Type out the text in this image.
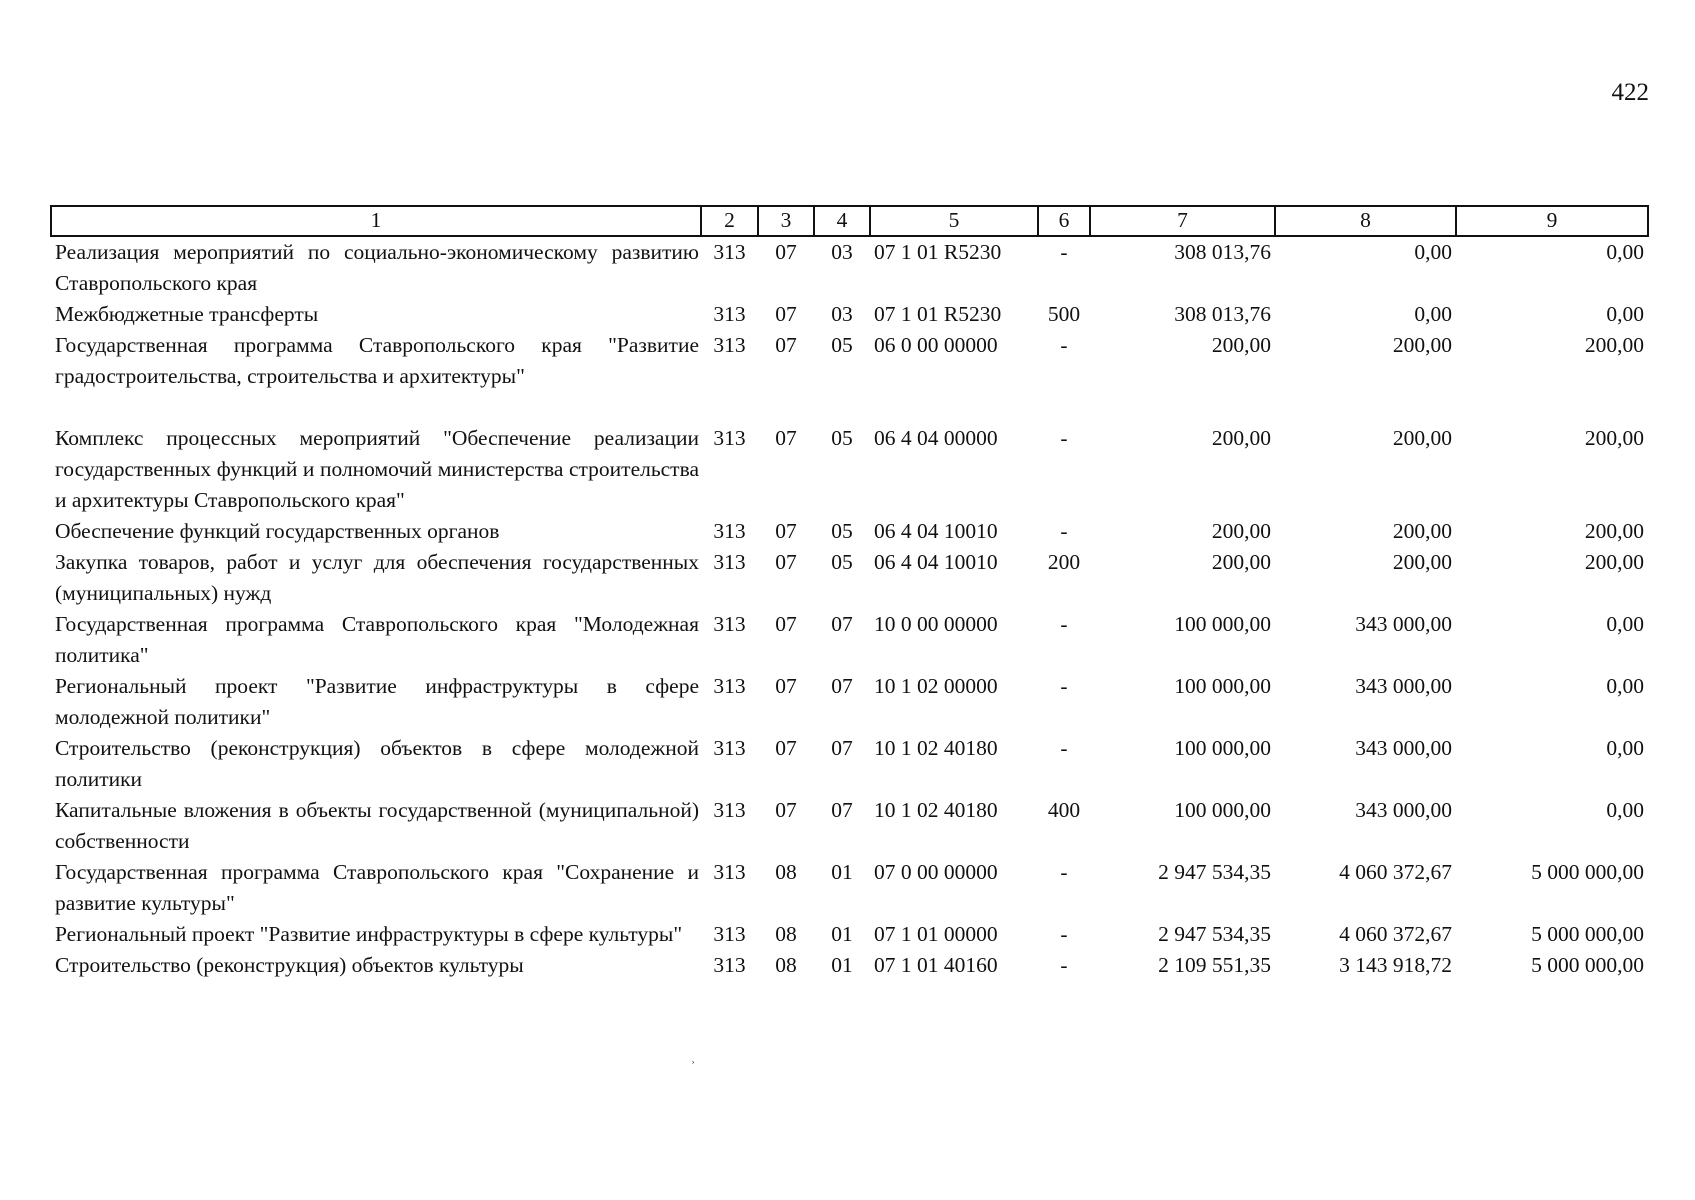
422
1	2	3	4	5	6	7	8	9
Реализация мероприятий по социально-экономическому развитию Ставропольского края	313	07	03	07 1 01 R5230	-	308 013,76	0,00	0,00
Межбюджетные трансферты	313	07	03	07 1 01 R5230	500	308 013,76	0,00	0,00
Государственная программа Ставропольского края "Развитие градостроительства, строительства и архитектуры"	313	07	05	06 0 00 00000	-	200,00	200,00	200,00
Комплекс процессных мероприятий "Обеспечение реализации государственных функций и полномочий министерства строительства и архитектуры Ставропольского края"	313	07	05	06 4 04 00000	-	200,00	200,00	200,00
Обеспечение функций государственных органов	313	07	05	06 4 04 10010	-	200,00	200,00	200,00
Закупка товаров, работ и услуг для обеспечения государственных (муниципальных) нужд	313	07	05	06 4 04 10010	200	200,00	200,00	200,00
Государственная программа Ставропольского края "Молодежная политика"	313	07	07	10 0 00 00000	-	100 000,00	343 000,00	0,00
Региональный проект "Развитие инфраструктуры в сфере молодежной политики"	313	07	07	10 1 02 00000	-	100 000,00	343 000,00	0,00
Строительство (реконструкция) объектов в сфере молодежной политики	313	07	07	10 1 02 40180	-	100 000,00	343 000,00	0,00
Капитальные вложения в объекты государственной (муниципальной) собственности	313	07	07	10 1 02 40180	400	100 000,00	343 000,00	0,00
Государственная программа Ставропольского края "Сохранение и развитие культуры"	313	08	01	07 0 00 00000	-	2 947 534,35	4 060 372,67	5 000 000,00
Региональный проект "Развитие инфраструктуры в сфере культуры"	313	08	01	07 1 01 00000	-	2 947 534,35	4 060 372,67	5 000 000,00
Строительство (реконструкция) объектов культуры	313	08	01	07 1 01 40160	-	2 109 551,35	3 143 918,72	5 000 000,00
¸
